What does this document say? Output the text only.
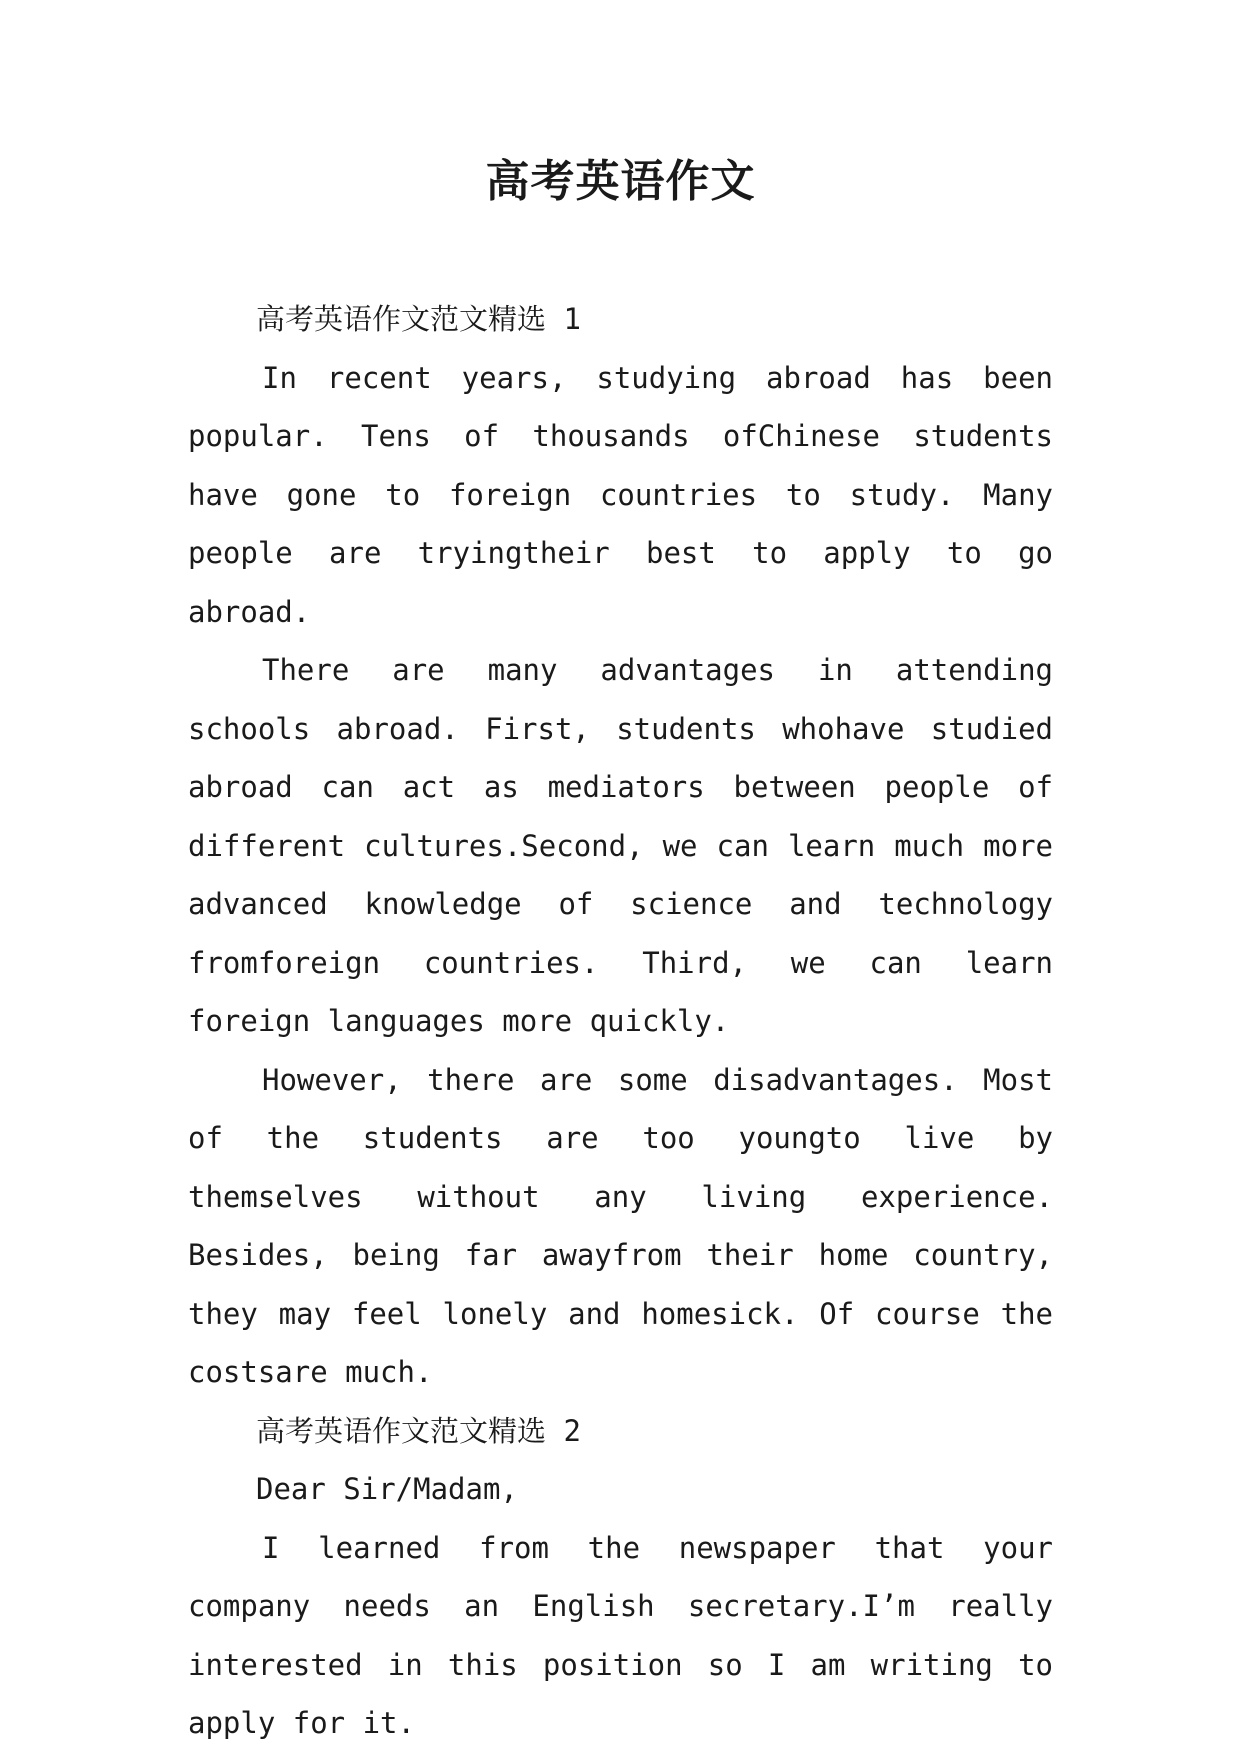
高考英语作文

高考英语作文范文精选 1

In recent years, studying abroad has been popular. Tens of thousands ofChinese students have gone to foreign countries to study. Many people are tryingtheir best to apply to go abroad.

There are many advantages in attending schools abroad. First, students whohave studied abroad can act as mediators between people of different cultures.Second, we can learn much more advanced knowledge of science and technology fromforeign countries. Third, we can learn foreign languages more quickly.

However, there are some disadvantages. Most of the students are too youngto live by themselves without any living experience. Besides, being far awayfrom their home country, they may feel lonely and homesick. Of course the costsare much.

高考英语作文范文精选 2

Dear Sir/Madam,

I learned from the newspaper that your company needs an English secretary.I’m really interested in this position so I am writing to apply for it.
